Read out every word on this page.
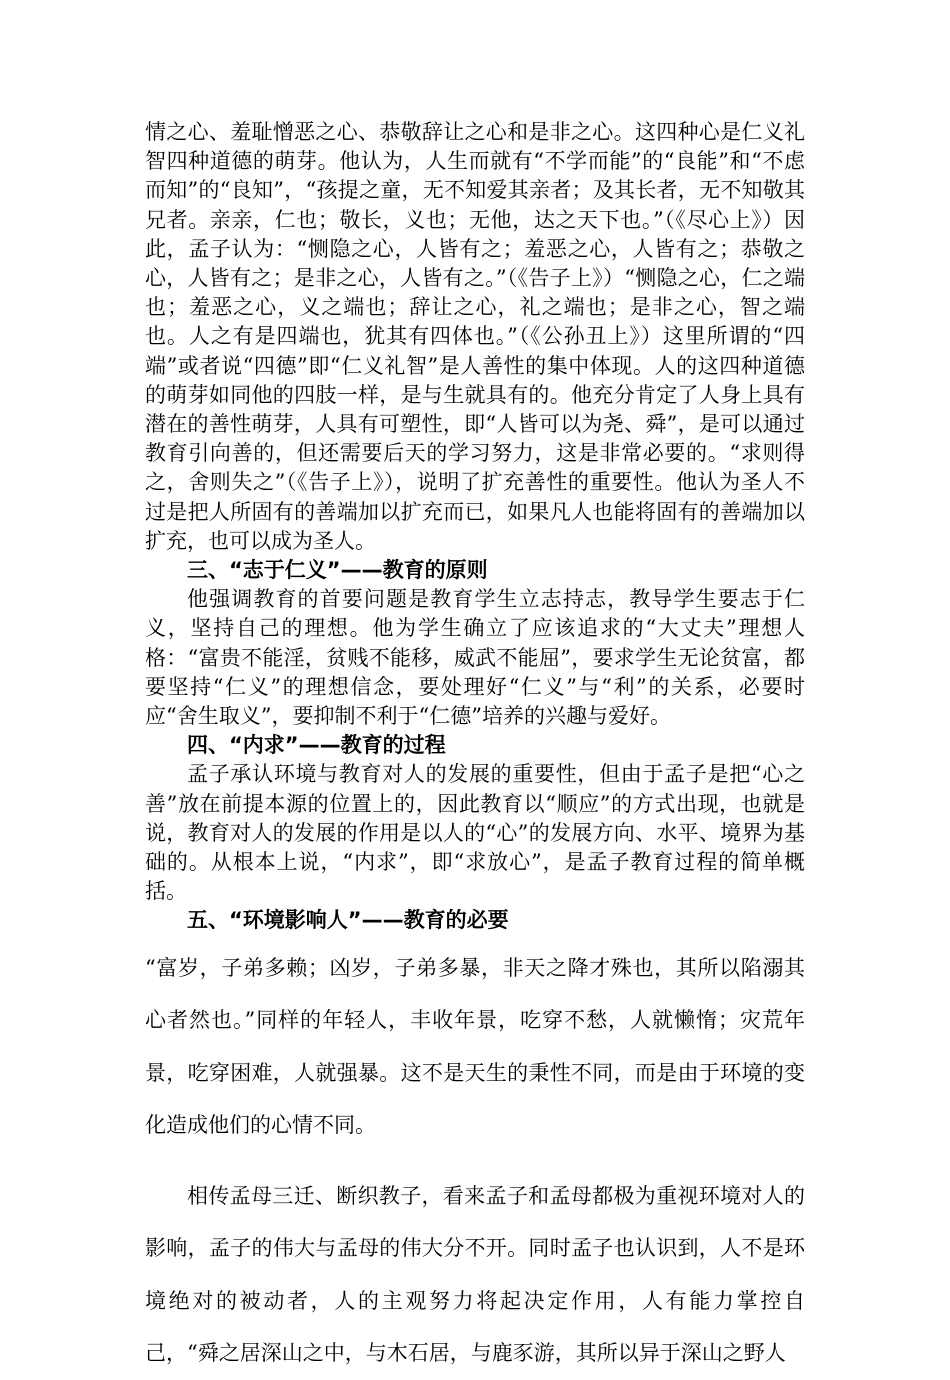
情之心、羞耻憎恶之心、恭敬辞让之心和是非之心。这四种心是仁义礼智四种道德的萌芽。他认为，人生而就有“不学而能”的“良能”和“不虑而知”的“良知”，“孩提之童，无不知爱其亲者；及其长者，无不知敬其兄者。亲亲，仁也；敬长，义也；无他，达之天下也。”（《尽心上》）因此，孟子认为：“恻隐之心，人皆有之；羞恶之心，人皆有之；恭敬之心，人皆有之；是非之心，人皆有之。”（《告子上》）“恻隐之心，仁之端也；羞恶之心，义之端也；辞让之心，礼之端也；是非之心，智之端也。人之有是四端也，犹其有四体也。”（《公孙丑上》）这里所谓的“四端”或者说“四德”即“仁义礼智”是人善性的集中体现。人的这四种道德的萌芽如同他的四肢一样，是与生就具有的。他充分肯定了人身上具有潜在的善性萌芽，人具有可塑性，即“人皆可以为尧、舜”，是可以通过教育引向善的，但还需要后天的学习努力，这是非常必要的。“求则得之，舍则失之”（《告子上》），说明了扩充善性的重要性。他认为圣人不过是把人所固有的善端加以扩充而已，如果凡人也能将固有的善端加以扩充，也可以成为圣人。

三、“志于仁义”——教育的原则

他强调教育的首要问题是教育学生立志持志，教导学生要志于仁义，坚持自己的理想。他为学生确立了应该追求的“大丈夫”理想人格：“富贵不能淫，贫贱不能移，威武不能屈”，要求学生无论贫富，都要坚持“仁义”的理想信念，要处理好“仁义”与“利”的关系，必要时应“舍生取义”，要抑制不利于“仁德”培养的兴趣与爱好。

四、“内求”——教育的过程

孟子承认环境与教育对人的发展的重要性，但由于孟子是把“心之善”放在前提本源的位置上的，因此教育以“顺应”的方式出现，也就是说，教育对人的发展的作用是以人的“心”的发展方向、水平、境界为基础的。从根本上说，“内求”，即“求放心”，是孟子教育过程的简单概括。

五、“环境影响人”——教育的必要

“富岁，子弟多赖；凶岁，子弟多暴，非天之降才殊也，其所以陷溺其心者然也。”同样的年轻人，丰收年景，吃穿不愁，人就懒惰；灾荒年景，吃穿困难，人就强暴。这不是天生的秉性不同，而是由于环境的变化造成他们的心情不同。

相传孟母三迁、断织教子，看来孟子和孟母都极为重视环境对人的影响，孟子的伟大与孟母的伟大分不开。同时孟子也认识到，人不是环境绝对的被动者，人的主观努力将起决定作用，人有能力掌控自己，“舜之居深山之中，与木石居，与鹿豕游，其所以异于深山之野人
